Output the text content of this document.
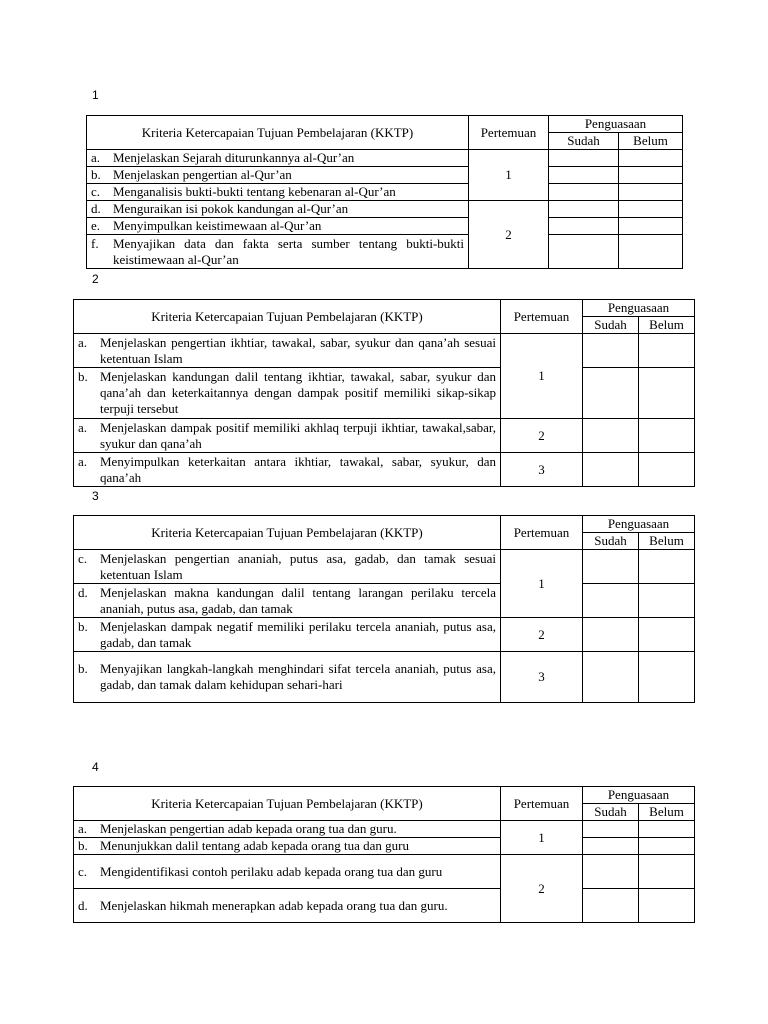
1
Kriteria Ketercapaian Tujuan Pembelajaran (KKTP)	Pertemuan	Penguasaan	
		Sudah	Belum

a. Menjelaskan Sejarah diturunkannya al-Qur’an	1		

b. Menjelaskan pengertian al-Qur’an			

c. Menganalisis bukti-bukti tentang kebenaran al-Qur’an			

d. Menguraikan isi pokok kandungan al-Qur’an	2		

e. Menyimpulkan keistimewaan al-Qur’an			

f. Menyajikan data dan fakta serta sumber tentang bukti-bukti keistimewaan al-Qur’an			

2
Kriteria Ketercapaian Tujuan Pembelajaran (KKTP)	Pertemuan	Penguasaan	
		Sudah	Belum

a. Menjelaskan pengertian ikhtiar, tawakal, sabar, syukur dan qana’ah sesuai ketentuan Islam	1		

b. Menjelaskan kandungan dalil tentang ikhtiar, tawakal, sabar, syukur dan qana’ah dan keterkaitannya dengan dampak positif memiliki sikap-sikap terpuji tersebut			

a. Menjelaskan dampak positif memiliki akhlaq terpuji ikhtiar, tawakal,sabar, syukur dan qana’ah	2		

a. Menyimpulkan keterkaitan antara ikhtiar, tawakal, sabar, syukur, dan qana’ah	3		
3
Kriteria Ketercapaian Tujuan Pembelajaran (KKTP)	Pertemuan	Penguasaan	
		Sudah	Belum

c. Menjelaskan pengertian ananiah, putus asa, gadab, dan tamak sesuai ketentuan Islam	1		

d. Menjelaskan makna kandungan dalil tentang larangan perilaku tercela ananiah, putus asa, gadab, dan tamak			

b. Menjelaskan dampak negatif memiliki perilaku tercela ananiah, putus asa, gadab, dan tamak	2		

b. Menyajikan langkah-langkah menghindari sifat tercela ananiah, putus asa, gadab, dan tamak dalam kehidupan sehari-hari	3		
4
Kriteria Ketercapaian Tujuan Pembelajaran (KKTP)	Pertemuan	Penguasaan	
		Sudah	Belum

a. Menjelaskan pengertian adab kepada orang tua dan guru.	1		

b. Menunjukkan dalil tentang adab kepada orang tua dan guru			

c. Mengidentifikasi contoh perilaku adab kepada orang tua dan guru	2		

d. Menjelaskan hikmah menerapkan adab kepada orang tua dan guru.			
